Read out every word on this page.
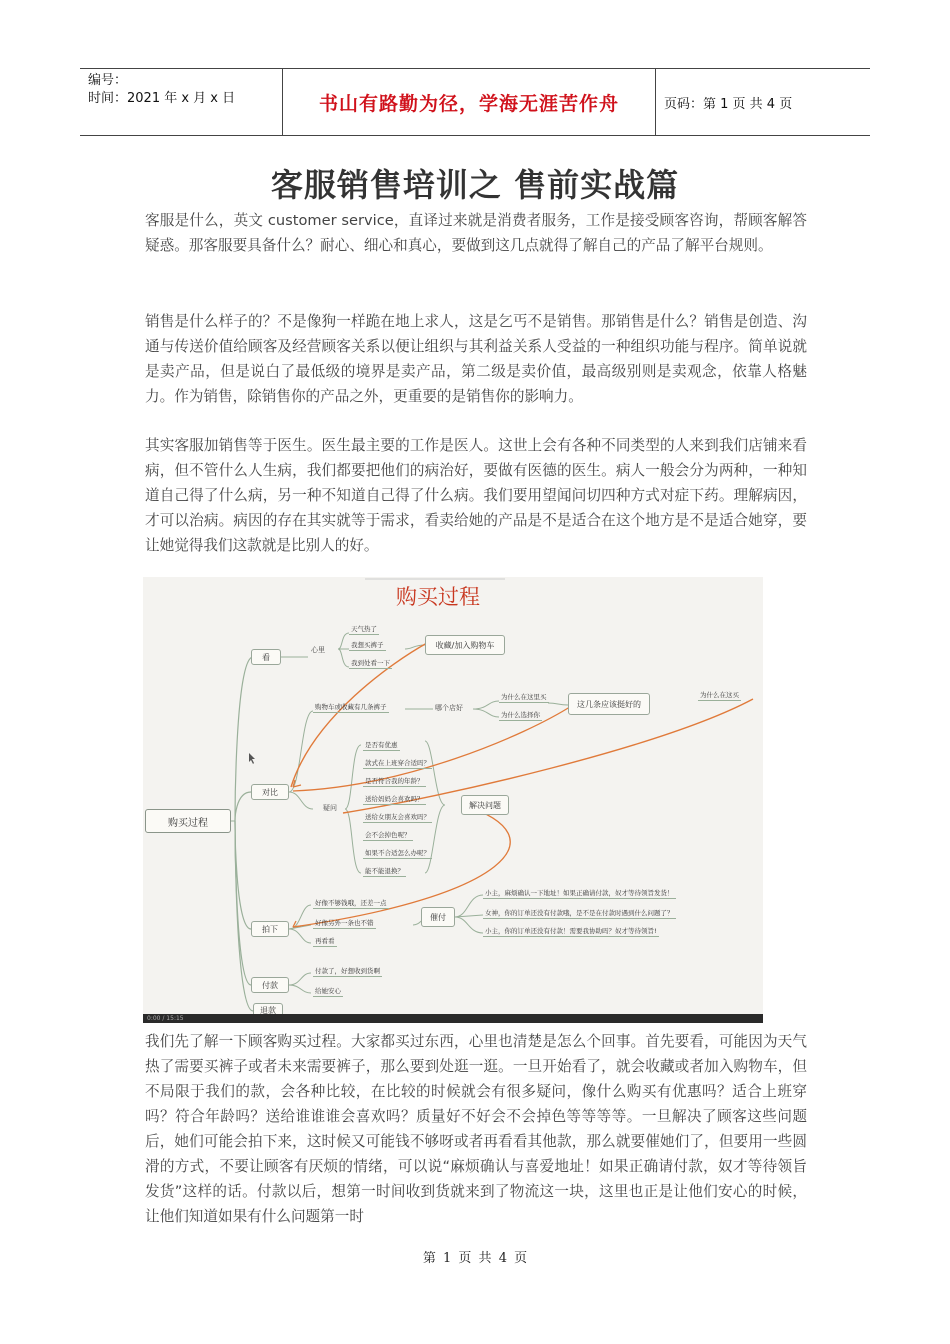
编号：
时间：2021 年 x 月 x 日	书山有路勤为径，学海无涯苦作舟	页码：第 1 页 共 4 页
客服销售培训之 售前实战篇

客服是什么，英文 customer service，直译过来就是消费者服务，工作是接受顾客咨询，帮顾客解答疑惑。那客服要具备什么？耐心、细心和真心，要做到这几点就得了解自己的产品了解平台规则。

销售是什么样子的？不是像狗一样跪在地上求人，这是乞丐不是销售。那销售是什么？销售是创造、沟通与传送价值给顾客及经营顾客关系以便让组织与其利益关系人受益的一种组织功能与程序。简单说就是卖产品，但是说白了最低级的境界是卖产品，第二级是卖价值，最高级别则是卖观念，依靠人格魅力。作为销售，除销售你的产品之外，更重要的是销售你的影响力。

其实客服加销售等于医生。医生最主要的工作是医人。这世上会有各种不同类型的人来到我们店铺来看病，但不管什么人生病，我们都要把他们的病治好，要做有医德的医生。病人一般会分为两种，一种知道自己得了什么病，另一种不知道自己得了什么病。我们要用望闻问切四种方式对症下药。理解病因，才可以治病。病因的存在其实就等于需求，看卖给她的产品是不是适合在这个地方是不是适合她穿，要让她觉得我们这款就是比别人的好。

购买过程
购买过程
看
对比
拍下
付款
退款
心里
天气热了
我想买裤子
我到处看一下
收藏/加入购物车
购物车或收藏有几条裤子	哪个店好
为什么在这里买
为什么选择你
这几条应该挺好的
为什么在这买
疑问
是否有优惠
款式在上班穿合适吗？
是否符合我的年龄？
送给妈妈会喜欢吗？
送给女朋友会喜欢吗？
会不会掉色呢？
如果不合适怎么办呢？
能不能退换？
解决问题
好像不够钱哦，还差一点
好像另外一条也不错
再看看
催付
小主，麻烦确认一下地址！如果正确请付款，奴才等待领旨发货！
女神，你的订单还没有付款哦，是不是在付款时遇到什么问题了？
小主，你的订单还没有付款！需要我协助吗？奴才等待领旨!
付款了，好想收到货啊
给她安心
0:00 / 15:15

我们先了解一下顾客购买过程。大家都买过东西，心里也清楚是怎么个回事。首先要看，可能因为天气热了需要买裤子或者未来需要裤子，那么要到处逛一逛。一旦开始看了，就会收藏或者加入购物车，但不局限于我们的款，会各种比较，在比较的时候就会有很多疑问，像什么购买有优惠吗？适合上班穿吗？符合年龄吗？送给谁谁谁会喜欢吗？质量好不好会不会掉色等等等等。一旦解决了顾客这些问题后，她们可能会拍下来，这时候又可能钱不够呀或者再看看其他款，那么就要催她们了，但要用一些圆滑的方式，不要让顾客有厌烦的情绪，可以说“麻烦确认与喜爱地址！如果正确请付款，奴才等待领旨发货”这样的话。付款以后，想第一时间收到货就来到了物流这一块，这里也正是让他们安心的时候，让他们知道如果有什么问题第一时

第 1 页 共 4 页
